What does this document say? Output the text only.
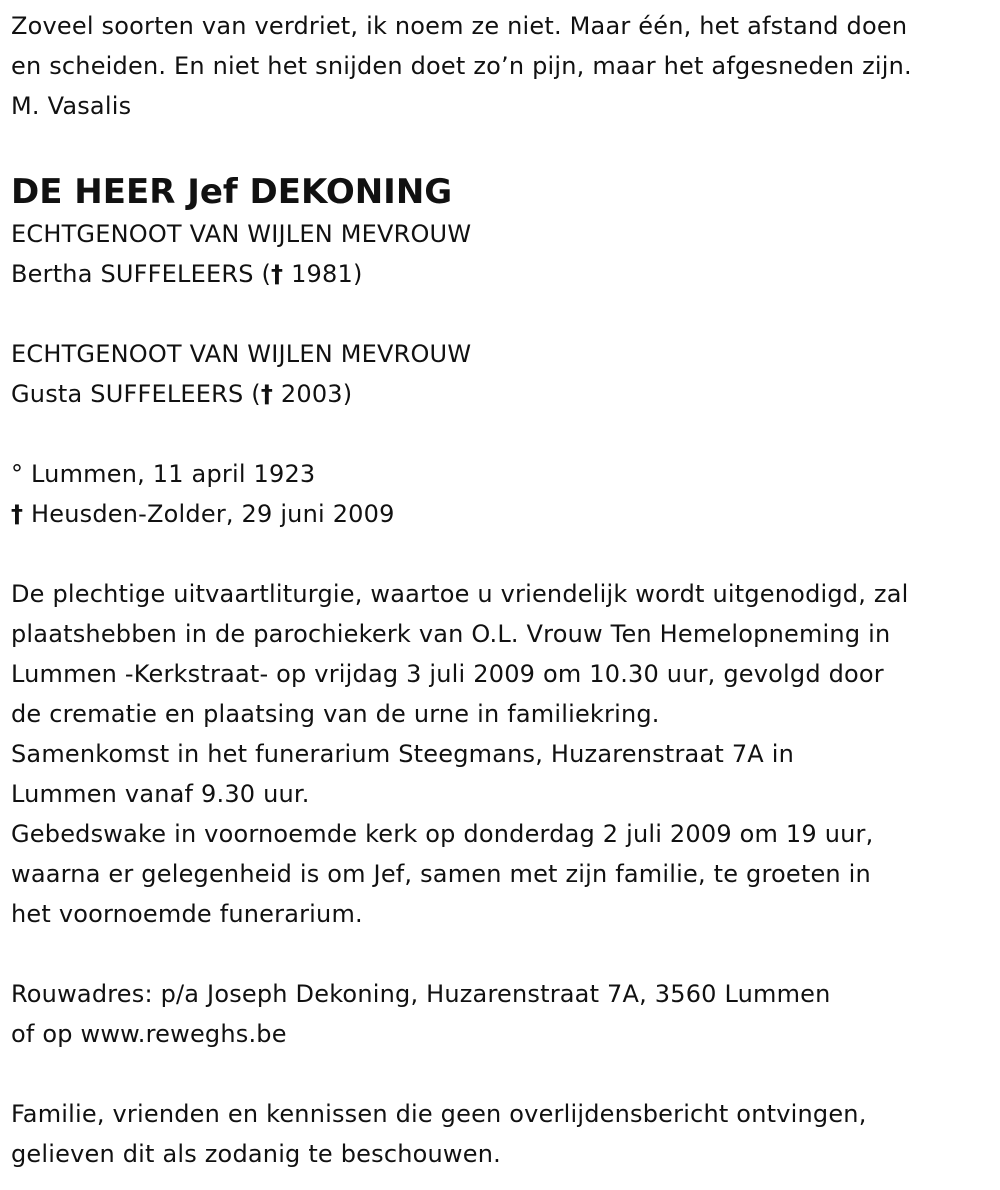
Zoveel soorten van verdriet, ik noem ze niet. Maar één, het afstand doen
en scheiden. En niet het snijden doet zo’n pijn, maar het afgesneden zijn.
M. Vasalis
DE HEER Jef DEKONING
ECHTGENOOT VAN WIJLEN MEVROUW
Bertha SUFFELEERS († 1981)
ECHTGENOOT VAN WIJLEN MEVROUW
Gusta SUFFELEERS († 2003)
° Lummen, 11 april 1923
† Heusden-Zolder, 29 juni 2009
De plechtige uitvaartliturgie, waartoe u vriendelijk wordt uitgenodigd, zal
plaatshebben in de parochiekerk van O.L. Vrouw Ten Hemelopneming in
Lummen -Kerkstraat- op vrijdag 3 juli 2009 om 10.30 uur, gevolgd door
de crematie en plaatsing van de urne in familiekring.
Samenkomst in het funerarium Steegmans, Huzarenstraat 7A in
Lummen vanaf 9.30 uur.
Gebedswake in voornoemde kerk op donderdag 2 juli 2009 om 19 uur,
waarna er gelegenheid is om Jef, samen met zijn familie, te groeten in
het voornoemde funerarium.
Rouwadres: p/a Joseph Dekoning, Huzarenstraat 7A, 3560 Lummen
of op www.reweghs.be
Familie, vrienden en kennissen die geen overlijdensbericht ontvingen,
gelieven dit als zodanig te beschouwen.
